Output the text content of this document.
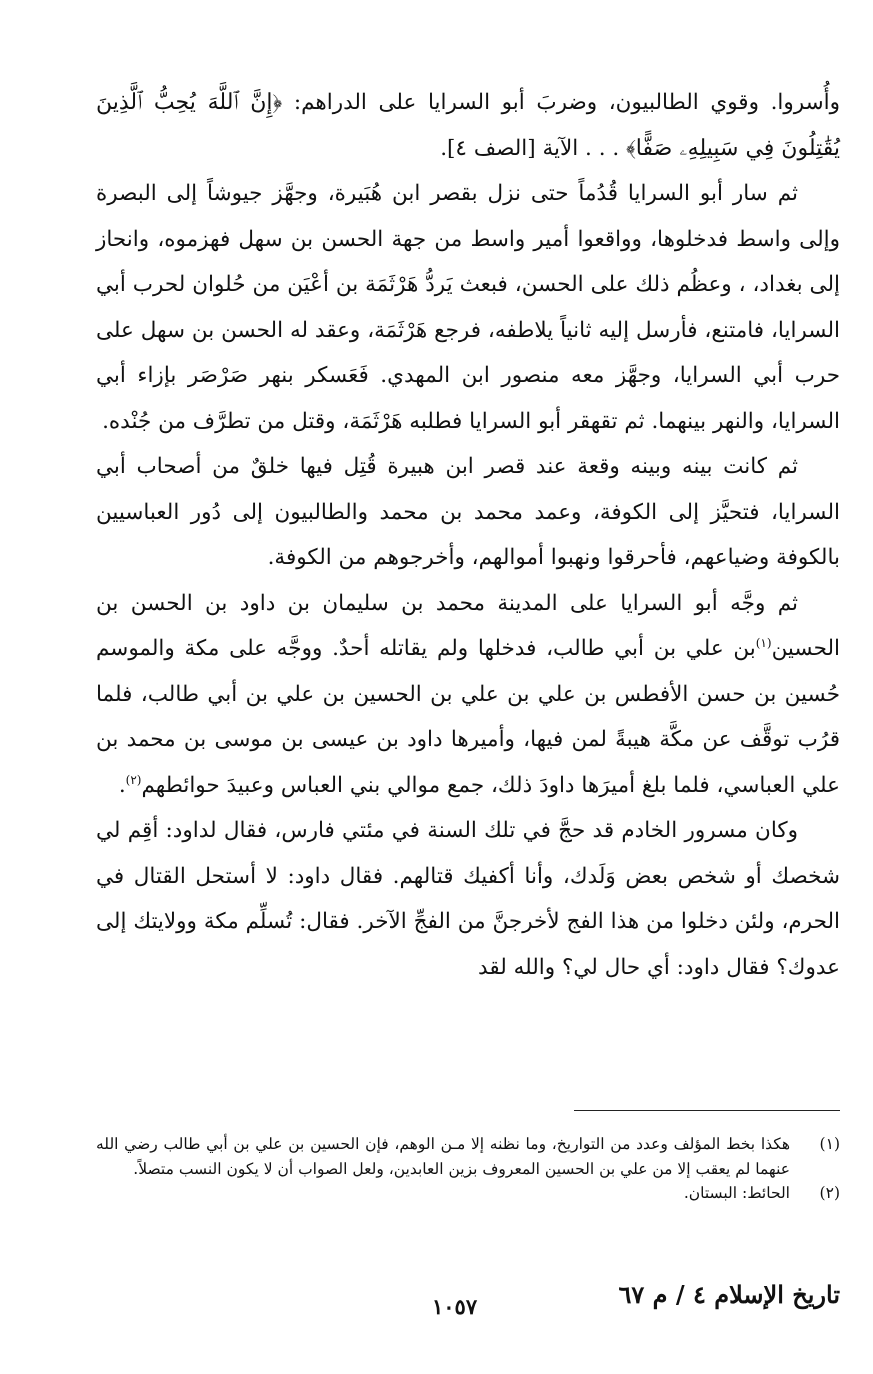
وأُسروا. وقوي الطالبيون، وضربَ أبو السرايا على الدراهم: ﴿إِنَّ ٱللَّهَ يُحِبُّ ٱلَّذِينَ يُقَٰتِلُونَ فِي سَبِيلِهِۦ صَفًّا﴾ . . . الآية [الصف ٤].

ثم سار أبو السرايا قُدُماً حتى نزل بقصر ابن هُبَيرة، وجهَّز جيوشاً إلى البصرة وإلى واسط فدخلوها، وواقعوا أمير واسط من جهة الحسن بن سهل فهزموه، وانحاز إلى بغداد، ، وعظُم ذلك على الحسن، فبعث يَردُّ هَرْثَمَة بن أعْيَن من حُلوان لحرب أبي السرايا، فامتنع، فأرسل إليه ثانياً يلاطفه، فرجع هَرْثَمَة، وعقد له الحسن بن سهل على حرب أبي السرايا، وجهَّز معه منصور ابن المهدي. فَعَسكر بنهر صَرْصَر بإزاء أبي السرايا، والنهر بينهما. ثم تقهقر أبو السرايا فطلبه هَرْثَمَة، وقتل من تطرَّف من جُنْده.

ثم كانت بينه وبينه وقعة عند قصر ابن هبيرة قُتِل فيها خلقٌ من أصحاب أبي السرايا، فتحيَّز إلى الكوفة، وعمد محمد بن محمد والطالبيون إلى دُور العباسيين بالكوفة وضياعهم، فأحرقوا ونهبوا أموالهم، وأخرجوهم من الكوفة.

ثم وجَّه أبو السرايا على المدينة محمد بن سليمان بن داود بن الحسن بن الحسين$^{(١)}$بن علي بن أبي طالب، فدخلها ولم يقاتله أحدٌ. ووجَّه على مكة والموسم حُسين بن حسن الأفطس بن علي بن علي بن الحسين بن علي بن أبي طالب، فلما قرُب توقَّف عن مكَّة هيبةً لمن فيها، وأميرها داود بن عيسى بن موسى بن محمد بن علي العباسي، فلما بلغ أميرَها داودَ ذلك، جمع موالي بني العباس وعبيدَ حوائطهم$^{(٢)}$.

وكان مسرور الخادم قد حجَّ في تلك السنة في مئتي فارس، فقال لداود: أقِم لي شخصك أو شخص بعض وَلَدك، وأنا أكفيك قتالهم. فقال داود: لا أستحل القتال في الحرم، ولئن دخلوا من هذا الفج لأخرجنَّ من الفجِّ الآخر. فقال: تُسلِّم مكة وولايتك إلى عدوك؟ فقال داود: أي حال لي؟ والله لقد

(١)
هكذا بخط المؤلف وعدد من التواريخ، وما نظنه إلا مـن الوهم، فإن الحسين بن علي بن أبي طالب رضي الله عنهما لم يعقب إلا من علي بن الحسين المعروف بزين العابدين، ولعل الصواب أن لا يكون النسب متصلاً.
(٢)
الحائط: البستان.
تاريخ الإسلام ٤ / م ٦٧
١٠٥٧
